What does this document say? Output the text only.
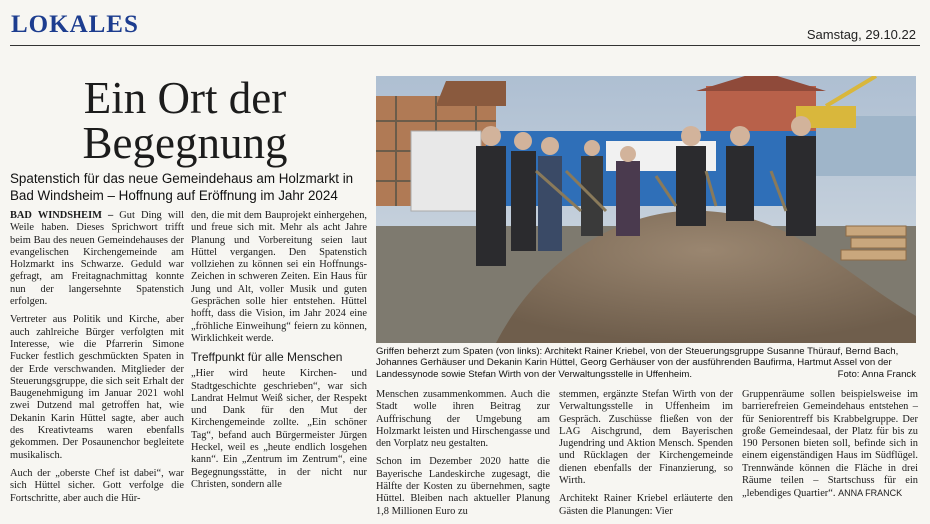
LOKALES	Samstag, 29.10.22
Ein Ort der
Begegnung
Spatenstich für das neue Gemeindehaus am Holzmarkt in Bad Windsheim – Hoffnung auf Eröffnung im Jahr 2024
Griffen beherzt zum Spaten (von links): Architekt Rainer Kriebel, von der Steuerungsgruppe Susanne Thürauf, Bernd Bach, Johannes Gerhäuser und Dekanin Karin Hüttel, Georg Gerhäuser von der ausführenden Baufirma, Hartmut Assel von der Landessynode sowie Stefan Wirth von der Verwaltungsstelle in Uffenheim.	Foto: Anna Franck

BAD WINDSHEIM – Gut Ding will Weile haben. Dieses Sprichwort trifft beim Bau des neuen Gemeindehauses der evangelischen Kirchengemeinde am Holzmarkt ins Schwarze. Geduld war gefragt, am Freitagnachmittag konnte nun der langersehnte Spatenstich erfolgen.

Vertreter aus Politik und Kirche, aber auch zahlreiche Bürger verfolgten mit Interesse, wie die Pfarrerin Simone Fucker festlich geschmückten Spaten in der Erde verschwanden. Mitglieder der Steuerungsgruppe, die sich seit Erhalt der Baugenehmigung im Januar 2021 wohl zwei Dutzend mal getroffen hat, wie Dekanin Karin Hüttel sagte, aber auch des Kreativteams waren ebenfalls gekommen. Der Posaunenchor begleitete musikalisch.

Auch der „oberste Chef ist dabei“, war sich Hüttel sicher. Gott verfolge die Fortschritte, aber auch die Hür-

den, die mit dem Bauprojekt einhergehen, und freue sich mit. Mehr als acht Jahre Planung und Vorbereitung seien laut Hüttel vergangen. Den Spatenstich vollziehen zu können sei ein Hoffnungs-Zeichen in schweren Zeiten. Ein Haus für Jung und Alt, voller Musik und guten Gesprächen solle hier entstehen. Hüttel hofft, dass die Vision, im Jahr 2024 eine „fröhliche Einweihung“ feiern zu können, Wirklichkeit werde.

Treffpunkt für alle Menschen

„Hier wird heute Kirchen- und Stadtgeschichte geschrieben“, war sich Landrat Helmut Weiß sicher, der Respekt und Dank für den Mut der Kirchengemeinde zollte. „Ein schöner Tag“, befand auch Bürgermeister Jürgen Heckel, weil es „heute endlich losgehen kann“. Ein „Zentrum im Zentrum“, eine Begegnungsstätte, in der nicht nur Christen, sondern alle

Menschen zusammenkommen. Auch die Stadt wolle ihren Beitrag zur Auffrischung der Umgebung am Holzmarkt leisten und Hirschengasse und den Vorplatz neu gestalten.

Schon im Dezember 2020 hatte die Bayerische Landeskirche zugesagt, die Hälfte der Kosten zu übernehmen, sagte Hüttel. Bleiben nach aktueller Planung 1,8 Millionen Euro zu

stemmen, ergänzte Stefan Wirth von der Verwaltungsstelle in Uffenheim im Gespräch. Zuschüsse fließen von der LAG Aischgrund, dem Bayerischen Jugendring und Aktion Mensch. Spenden und Rücklagen der Kirchengemeinde dienen ebenfalls der Finanzierung, so Wirth.

Architekt Rainer Kriebel erläuterte den Gästen die Planungen: Vier

Gruppenräume sollen beispielsweise im barrierefreien Gemeindehaus entstehen – für Seniorentreff bis Krabbelgruppe. Der große Gemeindesaal, der Platz für bis zu 190 Personen bieten soll, befinde sich in einem eigenständigen Haus im Südflügel. Trennwände können die Fläche in drei Räume teilen – Startschuss für ein „lebendiges Quartier“. ANNA FRANCK
